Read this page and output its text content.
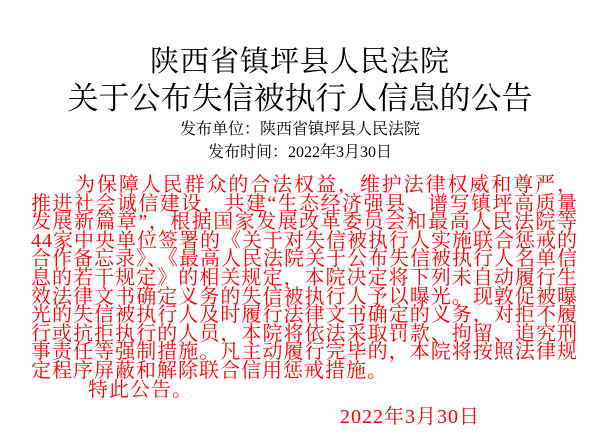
陕西省镇坪县人民法院
关于公布失信被执行人信息的公告
发布单位：陕西省镇坪县人民法院
发布时间：2022年3月30日

为保障人民群众的合法权益，维护法律权威和尊严，推进社会诚信建设，共建“生态经济强县、谱写镇坪高质量发展新篇章”，根据国家发展改革委员会和最高人民法院等44家中央单位签署的《关于对失信被执行人实施联合惩戒的合作备忘录》、《最高人民法院关于公布失信被执行人名单信息的若干规定》的相关规定，本院决定将下列未自动履行生效法律文书确定义务的失信被执行人予以曝光。现敦促被曝光的失信被执行人及时履行法律文书确定的义务，对拒不履行或抗拒执行的人员，本院将依法采取罚款、拘留、追究刑事责任等强制措施。凡主动履行完毕的，本院将按照法律规定程序屏蔽和解除联合信用惩戒措施。

特此公告。

2022年3月30日
